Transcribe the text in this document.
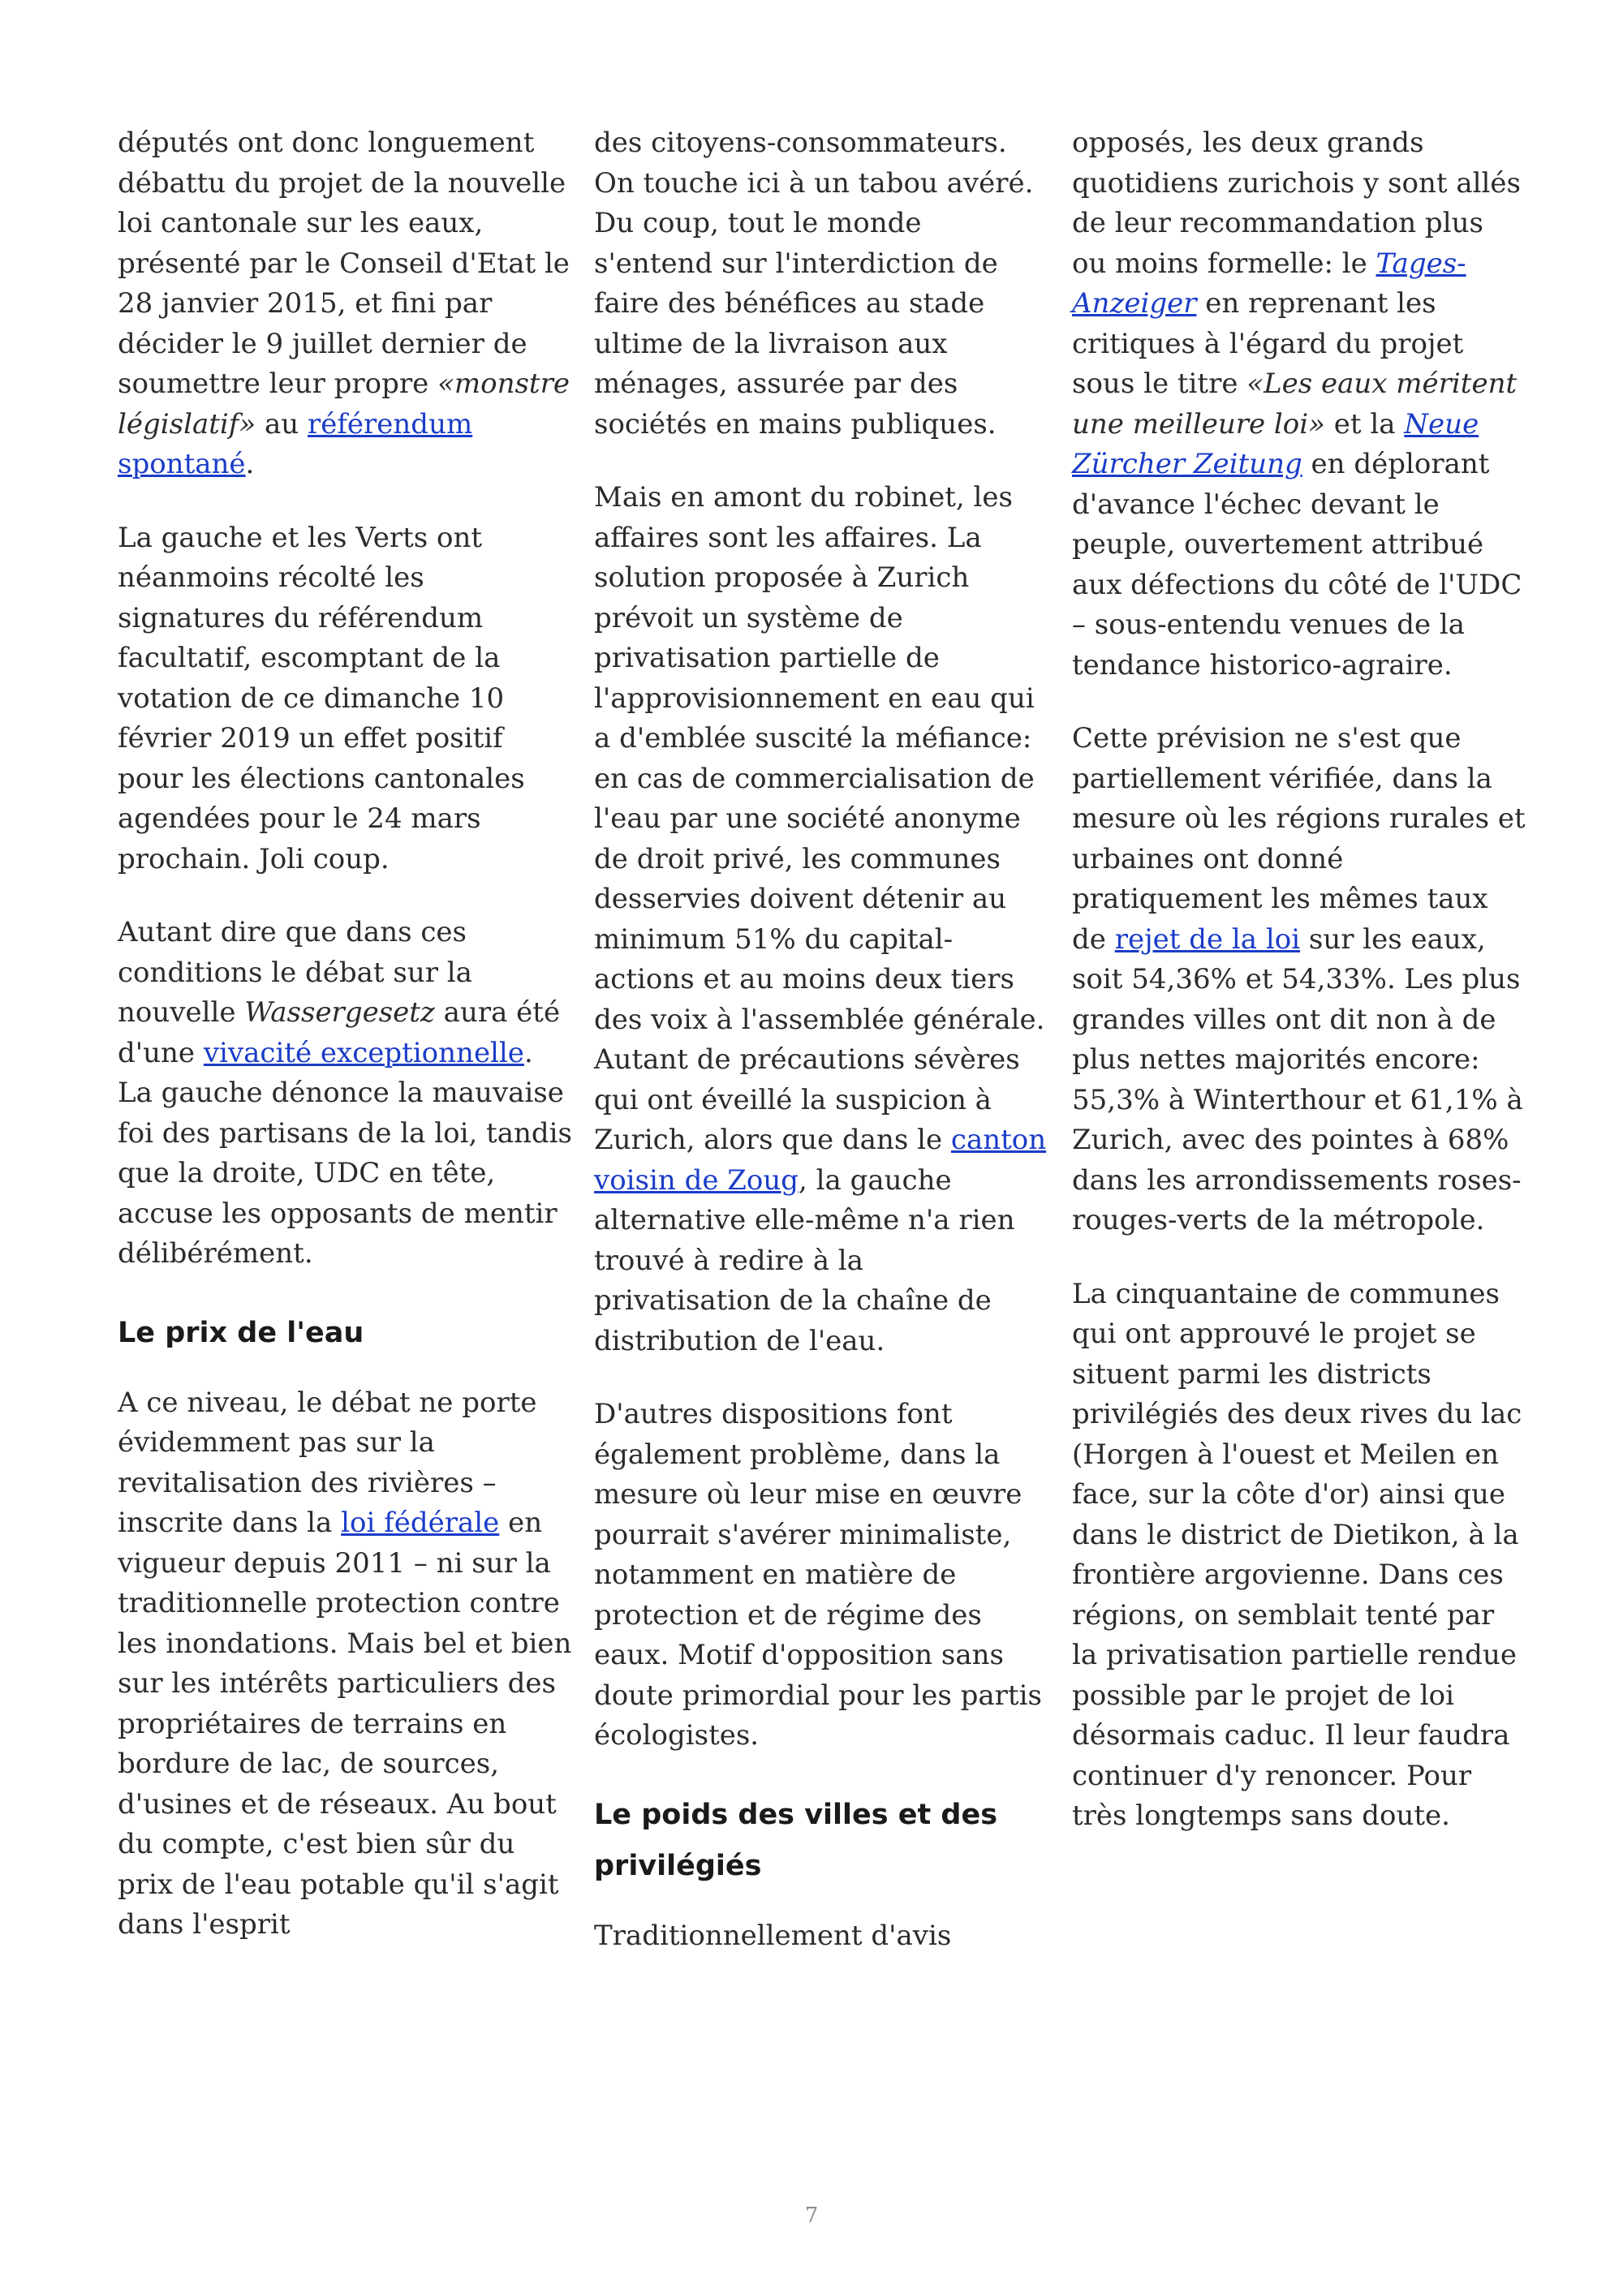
députés ont donc longuement débattu du projet de la nouvelle loi cantonale sur les eaux, présenté par le Conseil d'Etat le 28 janvier 2015, et fini par décider le 9 juillet dernier de soumettre leur propre «monstre législatif» au référendum spontané.

La gauche et les Verts ont néanmoins récolté les signatures du référendum facultatif, escomptant de la votation de ce dimanche 10 février 2019 un effet positif pour les élections cantonales agendées pour le 24 mars prochain. Joli coup.

Autant dire que dans ces conditions le débat sur la nouvelle Wassergesetz aura été d'une vivacité exceptionnelle. La gauche dénonce la mauvaise foi des partisans de la loi, tandis que la droite, UDC en tête, accuse les opposants de mentir délibérément.

Le prix de l'eau

A ce niveau, le débat ne porte évidemment pas sur la revitalisation des rivières – inscrite dans la loi fédérale en vigueur depuis 2011 – ni sur la traditionnelle protection contre les inondations. Mais bel et bien sur les intérêts particuliers des propriétaires de terrains en bordure de lac, de sources, d'usines et de réseaux. Au bout du compte, c'est bien sûr du prix de l'eau potable qu'il s'agit dans l'esprit

des citoyens-consommateurs. On touche ici à un tabou avéré. Du coup, tout le monde s'entend sur l'interdiction de faire des bénéfices au stade ultime de la livraison aux ménages, assurée par des sociétés en mains publiques.

Mais en amont du robinet, les affaires sont les affaires. La solution proposée à Zurich prévoit un système de privatisation partielle de l'approvisionnement en eau qui a d'emblée suscité la méfiance: en cas de commercialisation de l'eau par une société anonyme de droit privé, les communes desservies doivent détenir au minimum 51% du capital-actions et au moins deux tiers des voix à l'assemblée générale. Autant de précautions sévères qui ont éveillé la suspicion à Zurich, alors que dans le canton voisin de Zoug, la gauche alternative elle-même n'a rien trouvé à redire à la privatisation de la chaîne de distribution de l'eau.

D'autres dispositions font également problème, dans la mesure où leur mise en œuvre pourrait s'avérer minimaliste, notamment en matière de protection et de régime des eaux. Motif d'opposition sans doute primordial pour les partis écologistes.

Le poids des villes et des privilégiés

Traditionnellement d'avis

opposés, les deux grands quotidiens zurichois y sont allés de leur recommandation plus ou moins formelle: le Tages-Anzeiger en reprenant les critiques à l'égard du projet sous le titre «Les eaux méritent une meilleure loi» et la Neue Zürcher Zeitung en déplorant d'avance l'échec devant le peuple, ouvertement attribué aux défections du côté de l'UDC – sous-entendu venues de la tendance historico-agraire.

Cette prévision ne s'est que partiellement vérifiée, dans la mesure où les régions rurales et urbaines ont donné pratiquement les mêmes taux de rejet de la loi sur les eaux, soit 54,36% et 54,33%. Les plus grandes villes ont dit non à de plus nettes majorités encore: 55,3% à Winterthour et 61,1% à Zurich, avec des pointes à 68% dans les arrondissements roses-rouges-verts de la métropole.

La cinquantaine de communes qui ont approuvé le projet se situent parmi les districts privilégiés des deux rives du lac (Horgen à l'ouest et Meilen en face, sur la côte d'or) ainsi que dans le district de Dietikon, à la frontière argovienne. Dans ces régions, on semblait tenté par la privatisation partielle rendue possible par le projet de loi désormais caduc. Il leur faudra continuer d'y renoncer. Pour très longtemps sans doute.

7
